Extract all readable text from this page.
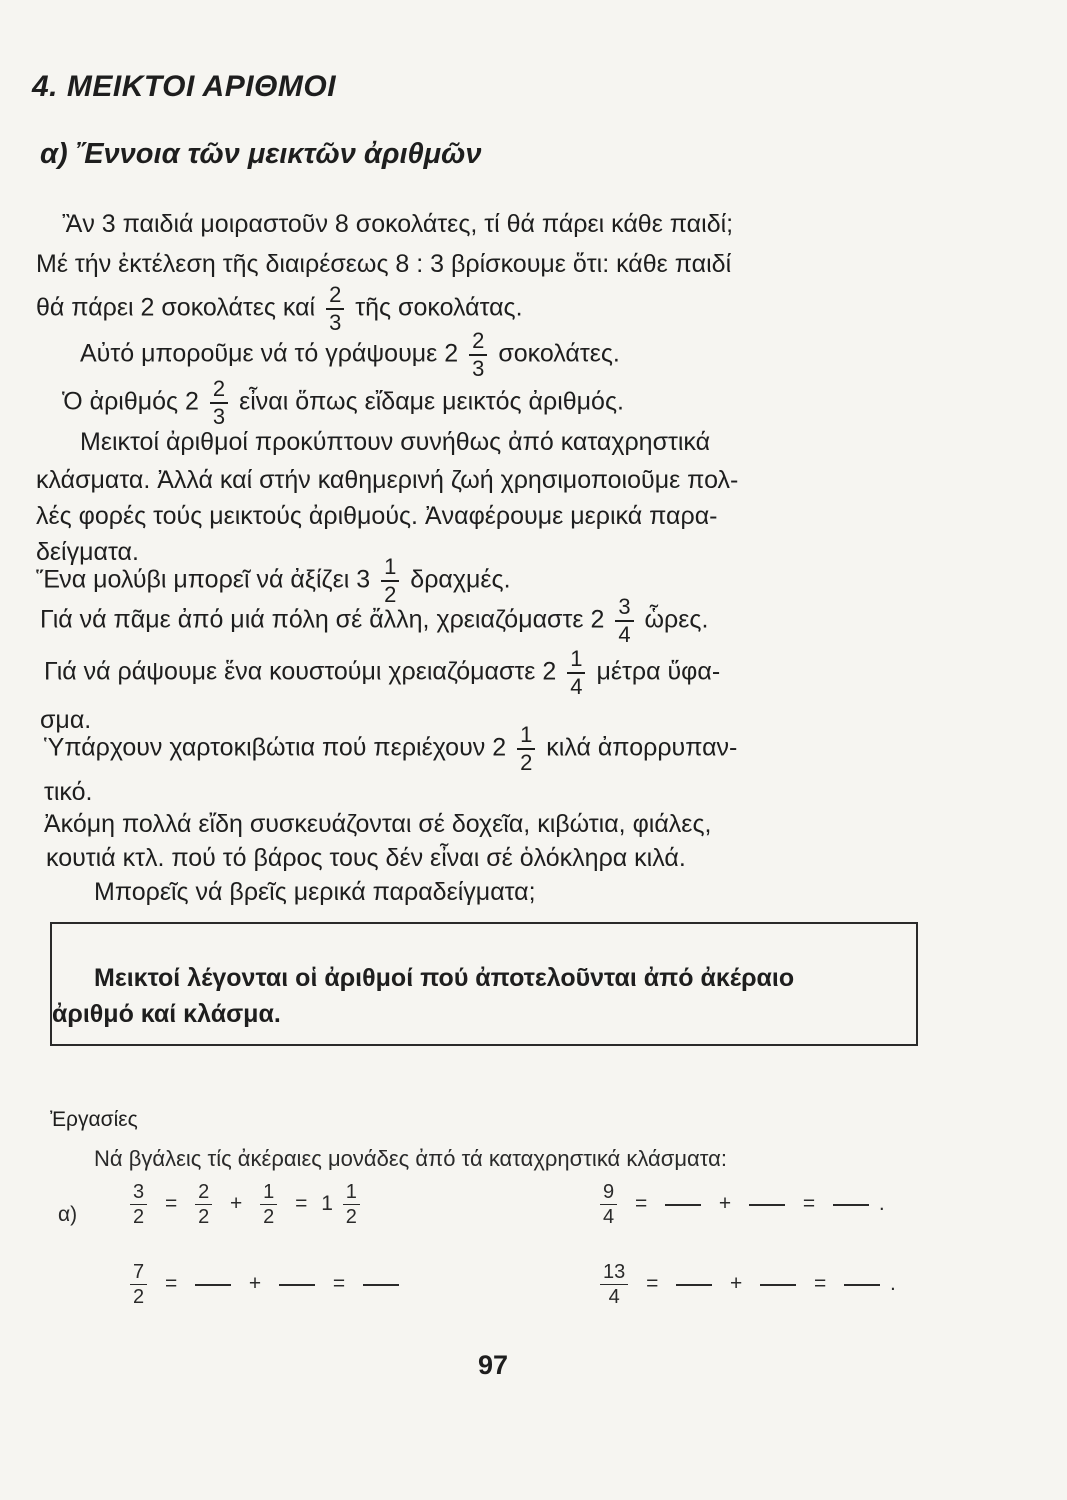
4. ΜΕΙΚΤΟΙ ΑΡΙΘΜΟΙ
α) Ἔννοια τῶν μεικτῶν ἀριθμῶν
Ἂν 3 παιδιά μοιραστοῦν 8 σοκολάτες, τί θά πάρει κάθε παιδί;
Μέ τήν ἐκτέλεση τῆς διαιρέσεως 8 : 3 βρίσκουμε ὅτι: κάθε παιδί
θά πάρει 2 σοκολάτες καί $\frac{2}{3}$ τῆς σοκολάτας.
Αὐτό μποροῦμε νά τό γράψουμε $2 \frac{2}{3} \sigma o\kappa o\lambda ά\tau\varepsilon\varsigma$.
Ὁ ἀριθμός $2 \frac{2}{3}$ εἶναι ὅπως εἴδαμε μεικτός ἀριθμός.
Μεικτοί ἀριθμοί προκύπτουν συνήθως ἀπό καταχρηστικά
κλάσματα. Ἀλλά καί στήν καθημερινή ζωή χρησιμοποιοῦμε πολ-
λές φορές τούς μεικτούς ἀριθμούς. Ἀναφέρουμε μερικά παρα-
δείγματα.
Ἕνα μολύβι μπορεῖ νά ἀξίζει $3 \frac{1}{2} \delta\rho\alpha\chi\mu έ\varsigma$.
Γιά νά πᾶμε ἀπό μιά πόλη σέ ἄλλη, χρειαζόμαστε $2 \frac{3}{4}$ ὧρες.
Γιά νά ράψουμε ἕνα κουστούμι χρειαζόμαστε $2 \frac{1}{4}$ μέτρα ὕφα-
σμα.
Ὑπάρχουν χαρτοκιβώτια πού περιέχουν $2 \frac{1}{2}$ κιλά ἀπορρυπαν-
τικό.
Ἀκόμη πολλά εἴδη συσκευάζονται σέ δοχεῖα, κιβώτια, φιάλες,
κουτιά κτλ. πού τό βάρος τους δέν εἶναι σέ ὁλόκληρα κιλά.
Μπορεῖς νά βρεῖς μερικά παραδείγματα;
Μεικτοί λέγονται οἱ ἀριθμοί πού ἀποτελοῦνται ἀπό ἀκέραιο
ἀριθμό καί κλάσμα.
Ἐργασίες
Νά βγάλεις τίς ἀκέραιες μονάδες ἀπό τά καταχρηστικά κλάσματα:
α)	$\frac{3}{2} = \frac{2}{2} + \frac{1}{2} = 1 \frac{1}{2}$	$\frac{9}{4}$ =	+	=	.
$\frac{7}{2}$ =	+	=	$\frac{13}{4}$ =	+	=	.
97
